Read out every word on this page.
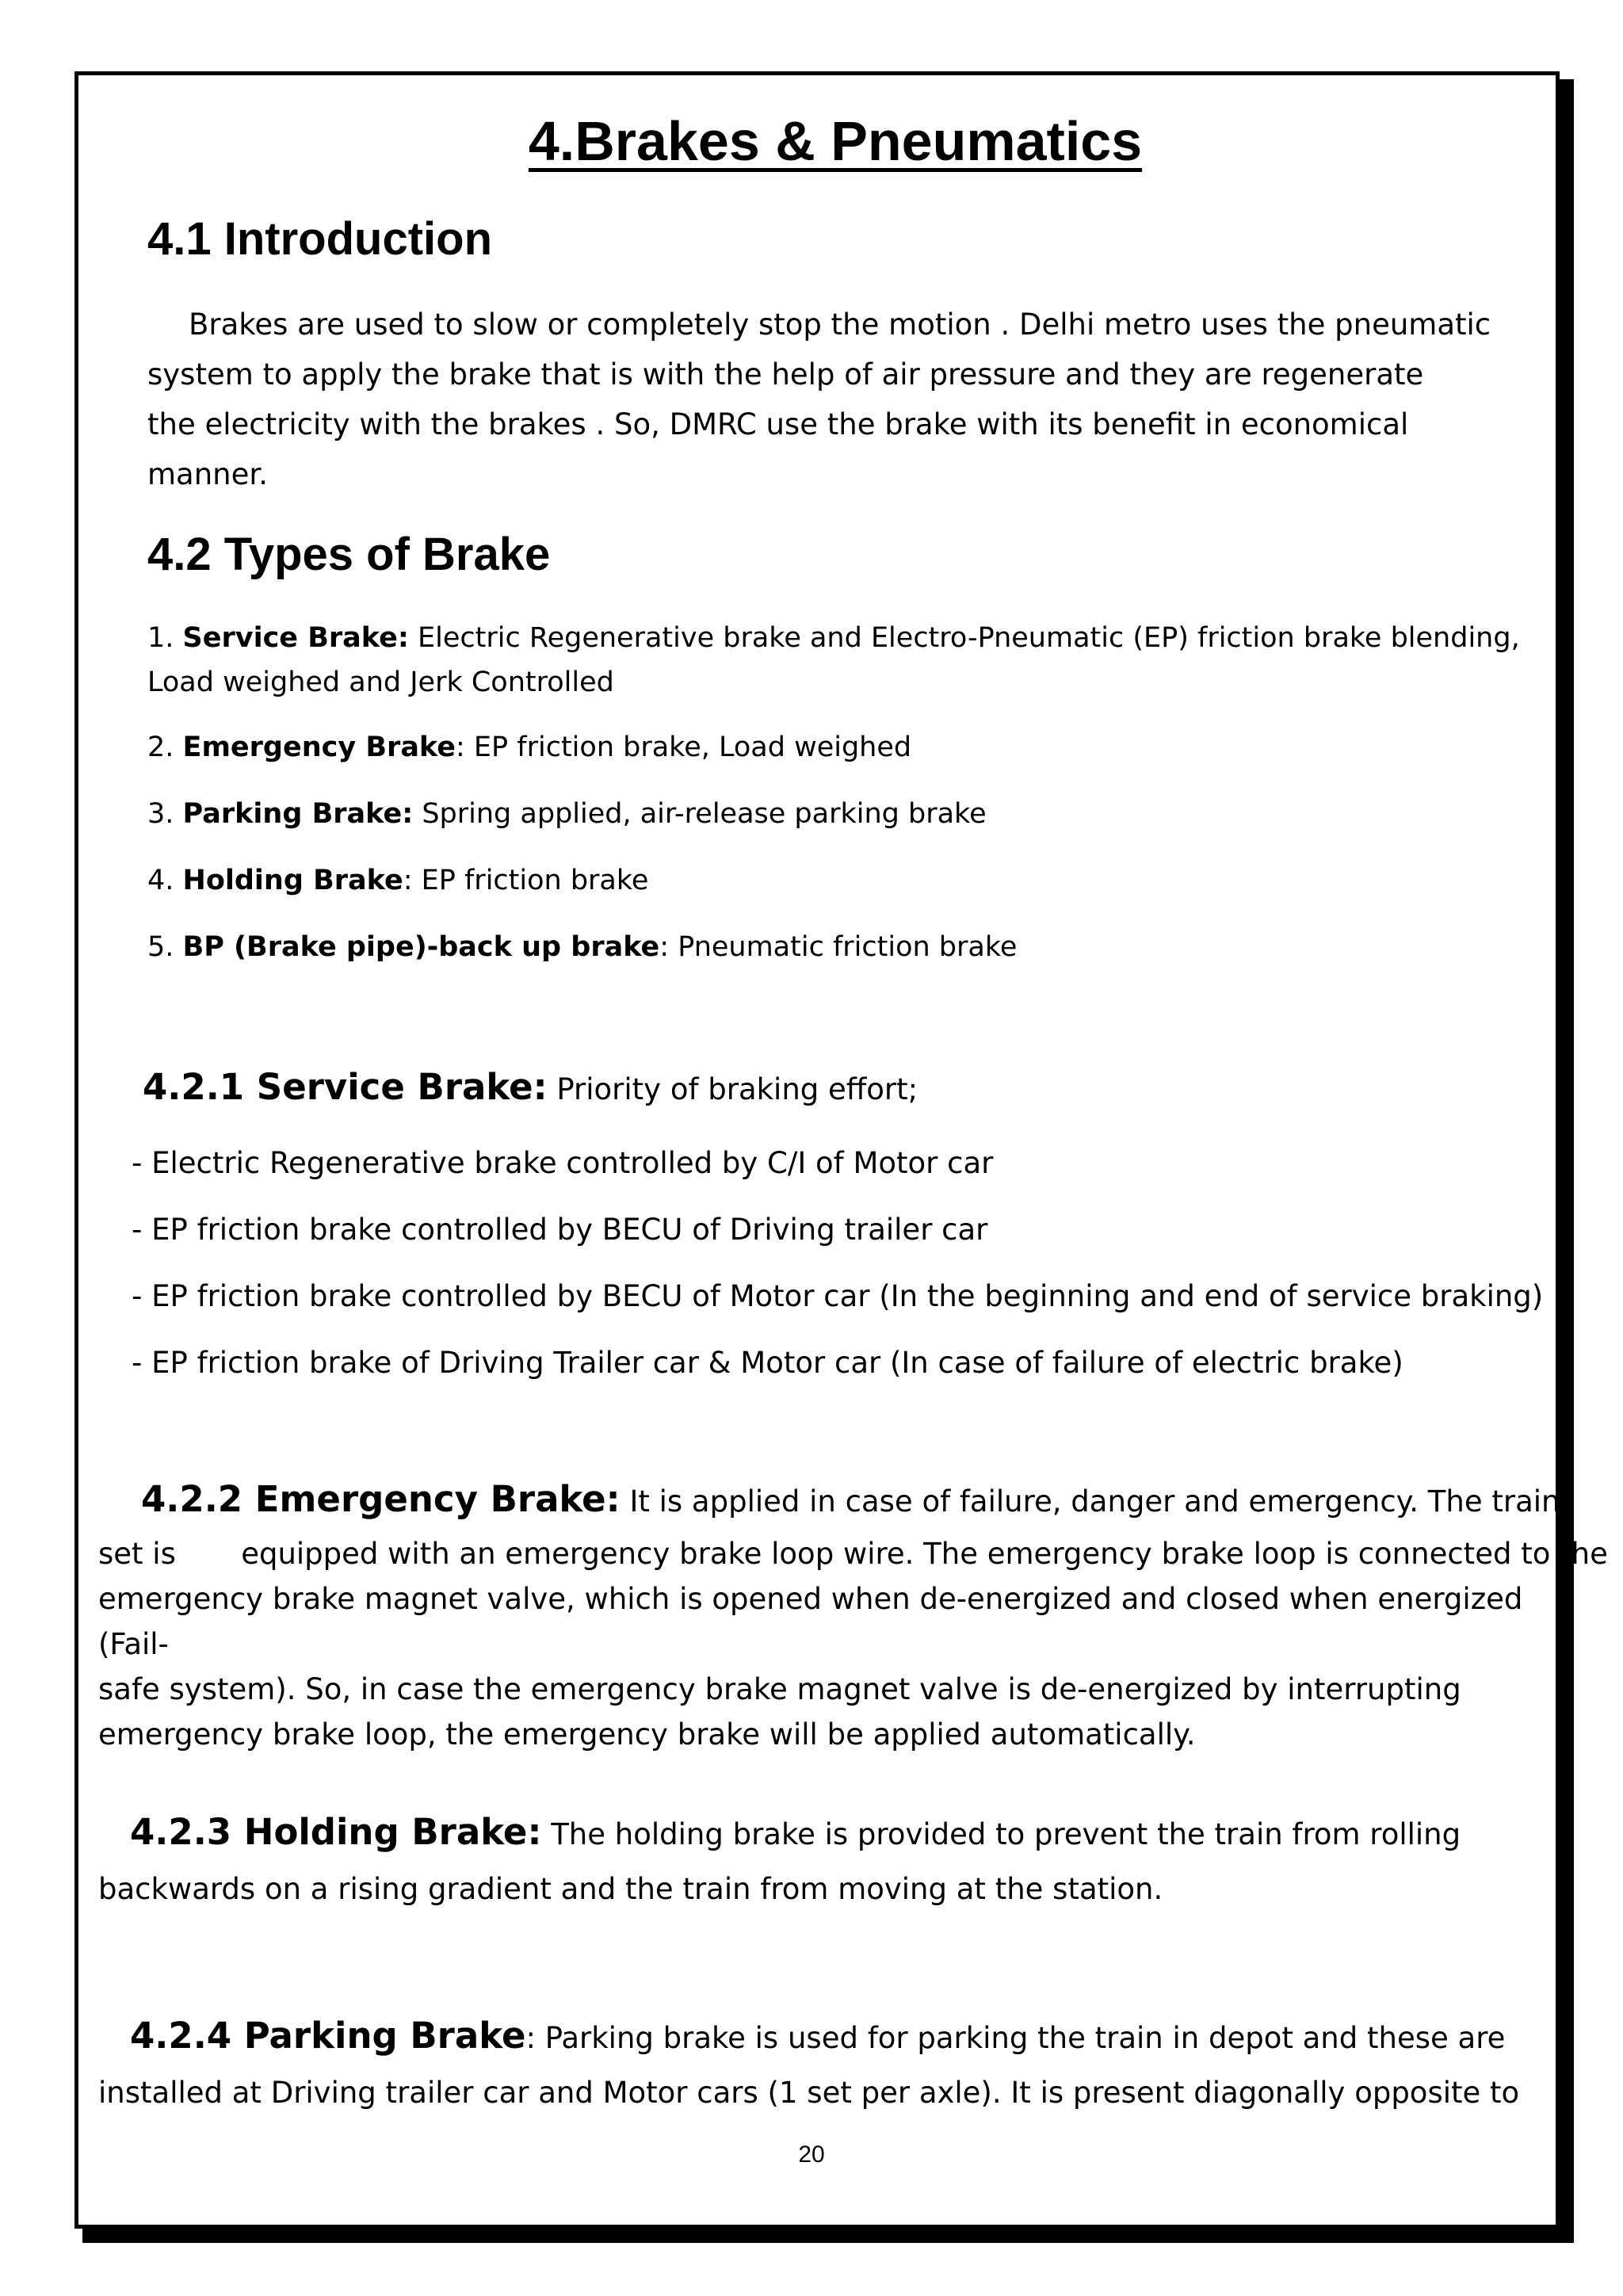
4.Brakes & Pneumatics
4.1 Introduction
Brakes are used to slow or completely stop the motion . Delhi metro uses the pneumatic
system to apply the brake that is with the help of air pressure and they are regenerate
the electricity with the brakes . So, DMRC use the brake with its benefit in economical
manner.
4.2 Types of Brake
1. Service Brake: Electric Regenerative brake and Electro-Pneumatic (EP) friction brake blending,
Load weighed and Jerk Controlled
2. Emergency Brake: EP friction brake, Load weighed
3. Parking Brake: Spring applied, air-release parking brake
4. Holding Brake: EP friction brake
5. BP (Brake pipe)-back up brake: Pneumatic friction brake
4.2.1 Service Brake: Priority of braking effort;
- Electric Regenerative brake controlled by C/I of Motor car
- EP friction brake controlled by BECU of Driving trailer car
- EP friction brake controlled by BECU of Motor car (In the beginning and end of service braking)
- EP friction brake of Driving Trailer car & Motor car (In case of failure of electric brake)
4.2.2 Emergency Brake: It is applied in case of failure, danger and emergency. The train
set is       equipped with an emergency brake loop wire. The emergency brake loop is connected to the
emergency brake magnet valve, which is opened when de-energized and closed when energized (Fail-
safe system). So, in case the emergency brake magnet valve is de-energized by interrupting
emergency brake loop, the emergency brake will be applied automatically.
4.2.3 Holding Brake: The holding brake is provided to prevent the train from rolling
backwards on a rising gradient and the train from moving at the station.
4.2.4 Parking Brake: Parking brake is used for parking the train in depot and these are
installed at Driving trailer car and Motor cars (1 set per axle). It is present diagonally opposite to
20
